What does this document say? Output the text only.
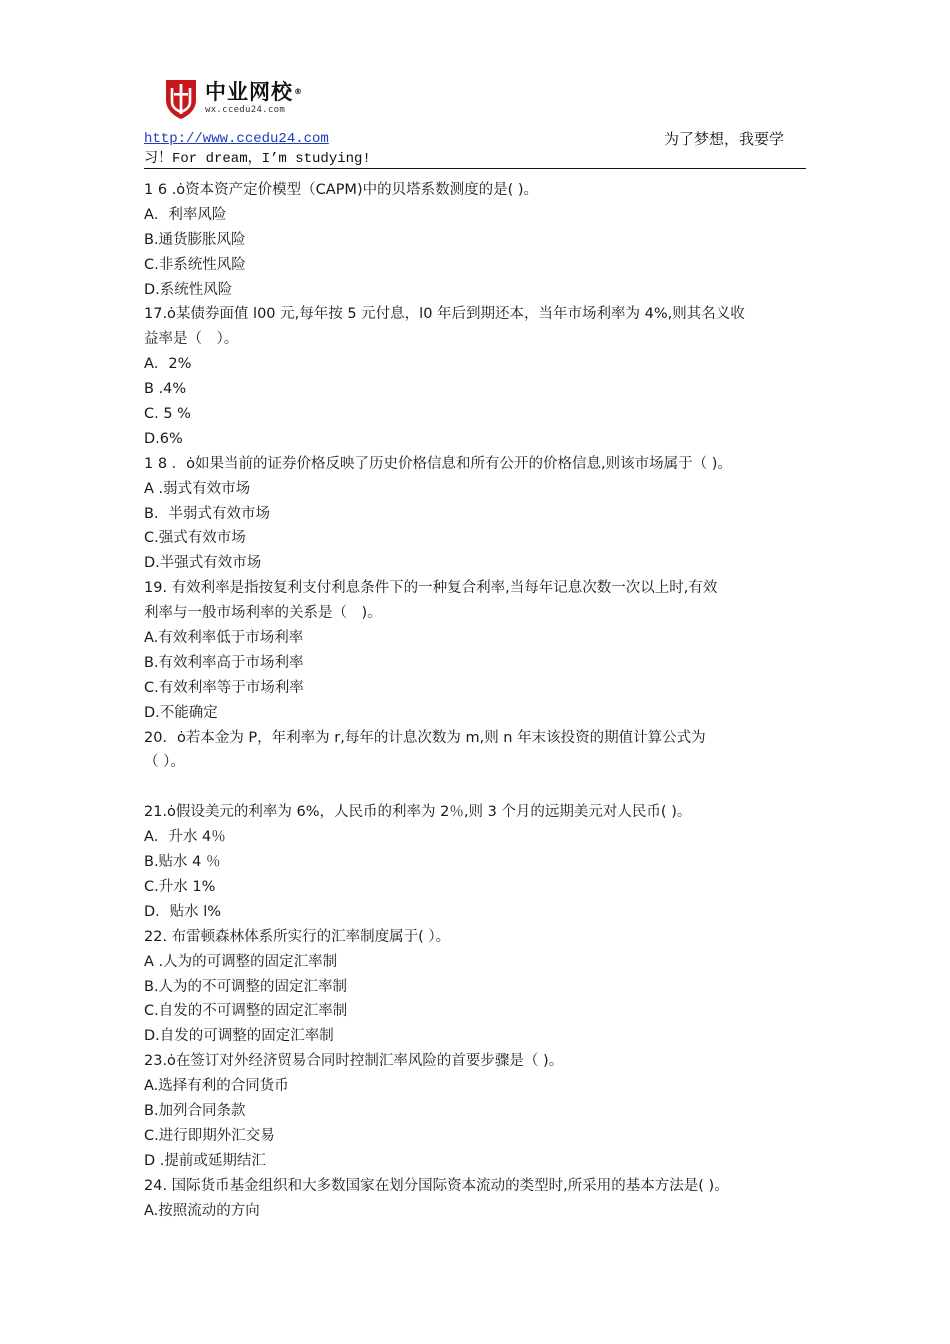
中业网校®
wx.ccedu24.com
http://www.ccedu24.com	为了梦想，我要学
习！For dream，I’m studying!
1 6 .ȯ资本资产定价模型（CAPM)中的贝塔系数测度的是( )。
A．利率风险
B.通货膨胀风险
C.非系统性风险
D.系统性风险
17.ȯ某债券面值 l00 元,每年按 5 元付息，l0 年后到期还本，当年市场利率为 4%,则其名义收
益率是（　）。
A．2%
B .4%
C. 5 %
D.6%
1 8 ．ȯ如果当前的证券价格反映了历史价格信息和所有公开的价格信息,则该市场属于（ )。
A .弱式有效市场
B．半弱式有效市场
C.强式有效市场
D.半强式有效市场
19. 有效利率是指按复利支付利息条件下的一种复合利率,当每年记息次数一次以上时,有效
利率与一般市场利率的关系是（　)。
A.有效利率低于市场利率
B.有效利率高于市场利率
C.有效利率等于市场利率
D.不能确定
20．ȯ若本金为 P，年利率为 r,每年的计息次数为 m,则 n 年末该投资的期值计算公式为
（ ）。
21.ȯ假设美元的利率为 6%，人民币的利率为 2％,则 3 个月的远期美元对人民币( )。
A．升水 4％
B.贴水 4 ％
C.升水 1%
D．贴水 l%
22. 布雷顿森林体系所实行的汇率制度属于( ）。
A .人为的可调整的固定汇率制
B.人为的不可调整的固定汇率制
C.自发的不可调整的固定汇率制
D.自发的可调整的固定汇率制
23.ȯ在签订对外经济贸易合同时控制汇率风险的首要步骤是（ )。
A.选择有利的合同货币
B.加列合同条款
C.进行即期外汇交易
D .提前或延期结汇
24. 国际货币基金组织和大多数国家在划分国际资本流动的类型时,所采用的基本方法是( )。
A.按照流动的方向
